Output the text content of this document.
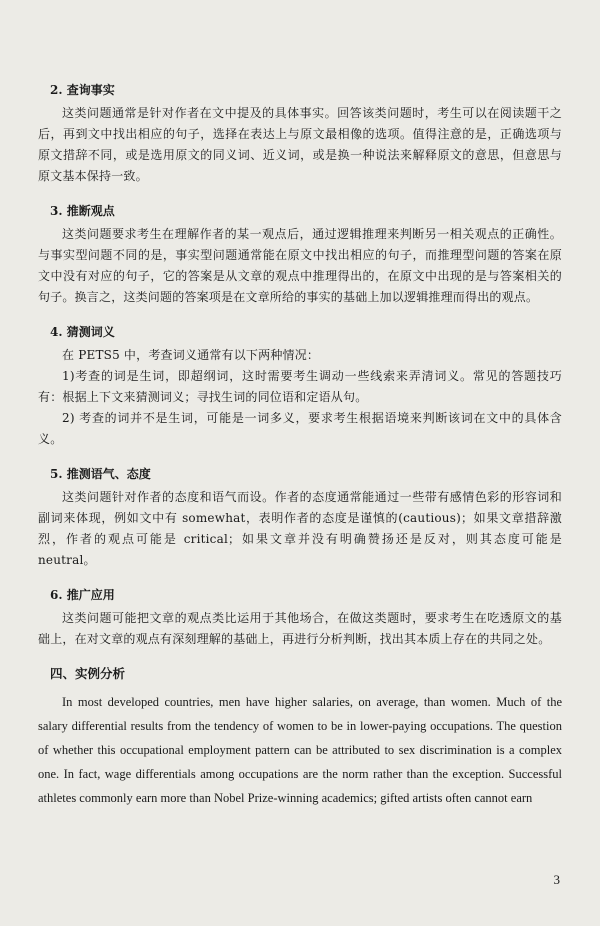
2. 查询事实

这类问题通常是针对作者在文中提及的具体事实。回答该类问题时，考生可以在阅读题干之后，再到文中找出相应的句子，选择在表达上与原文最相像的选项。值得注意的是，正确选项与原文措辞不同，或是选用原文的同义词、近义词，或是换一种说法来解释原文的意思，但意思与原文基本保持一致。

3. 推断观点

这类问题要求考生在理解作者的某一观点后，通过逻辑推理来判断另一相关观点的正确性。与事实型问题不同的是，事实型问题通常能在原文中找出相应的句子，而推理型问题的答案在原文中没有对应的句子，它的答案是从文章的观点中推理得出的，在原文中出现的是与答案相关的句子。换言之，这类问题的答案项是在文章所给的事实的基础上加以逻辑推理而得出的观点。

4. 猜测词义

在 PETS5 中，考查词义通常有以下两种情况：

1)考查的词是生词，即超纲词，这时需要考生调动一些线索来弄清词义。常见的答题技巧有：根据上下文来猜测词义；寻找生词的同位语和定语从句。

2) 考查的词并不是生词，可能是一词多义，要求考生根据语境来判断该词在文中的具体含义。

5. 推测语气、态度

这类问题针对作者的态度和语气而设。作者的态度通常能通过一些带有感情色彩的形容词和副词来体现，例如文中有 somewhat，表明作者的态度是谨慎的(cautious)；如果文章措辞激烈，作者的观点可能是 critical；如果文章并没有明确赞扬还是反对，则其态度可能是 neutral。

6. 推广应用

这类问题可能把文章的观点类比运用于其他场合，在做这类题时，要求考生在吃透原文的基础上，在对文章的观点有深刻理解的基础上，再进行分析判断，找出其本质上存在的共同之处。

四、实例分析

In most developed countries, men have higher salaries, on average, than women. Much of the salary differential results from the tendency of women to be in lower-paying occupations. The question of whether this occupational employment pattern can be attributed to sex discrimination is a complex one. In fact, wage differentials among occupations are the norm rather than the exception. Successful athletes commonly earn more than Nobel Prize-winning academics; gifted artists often cannot earn

3
